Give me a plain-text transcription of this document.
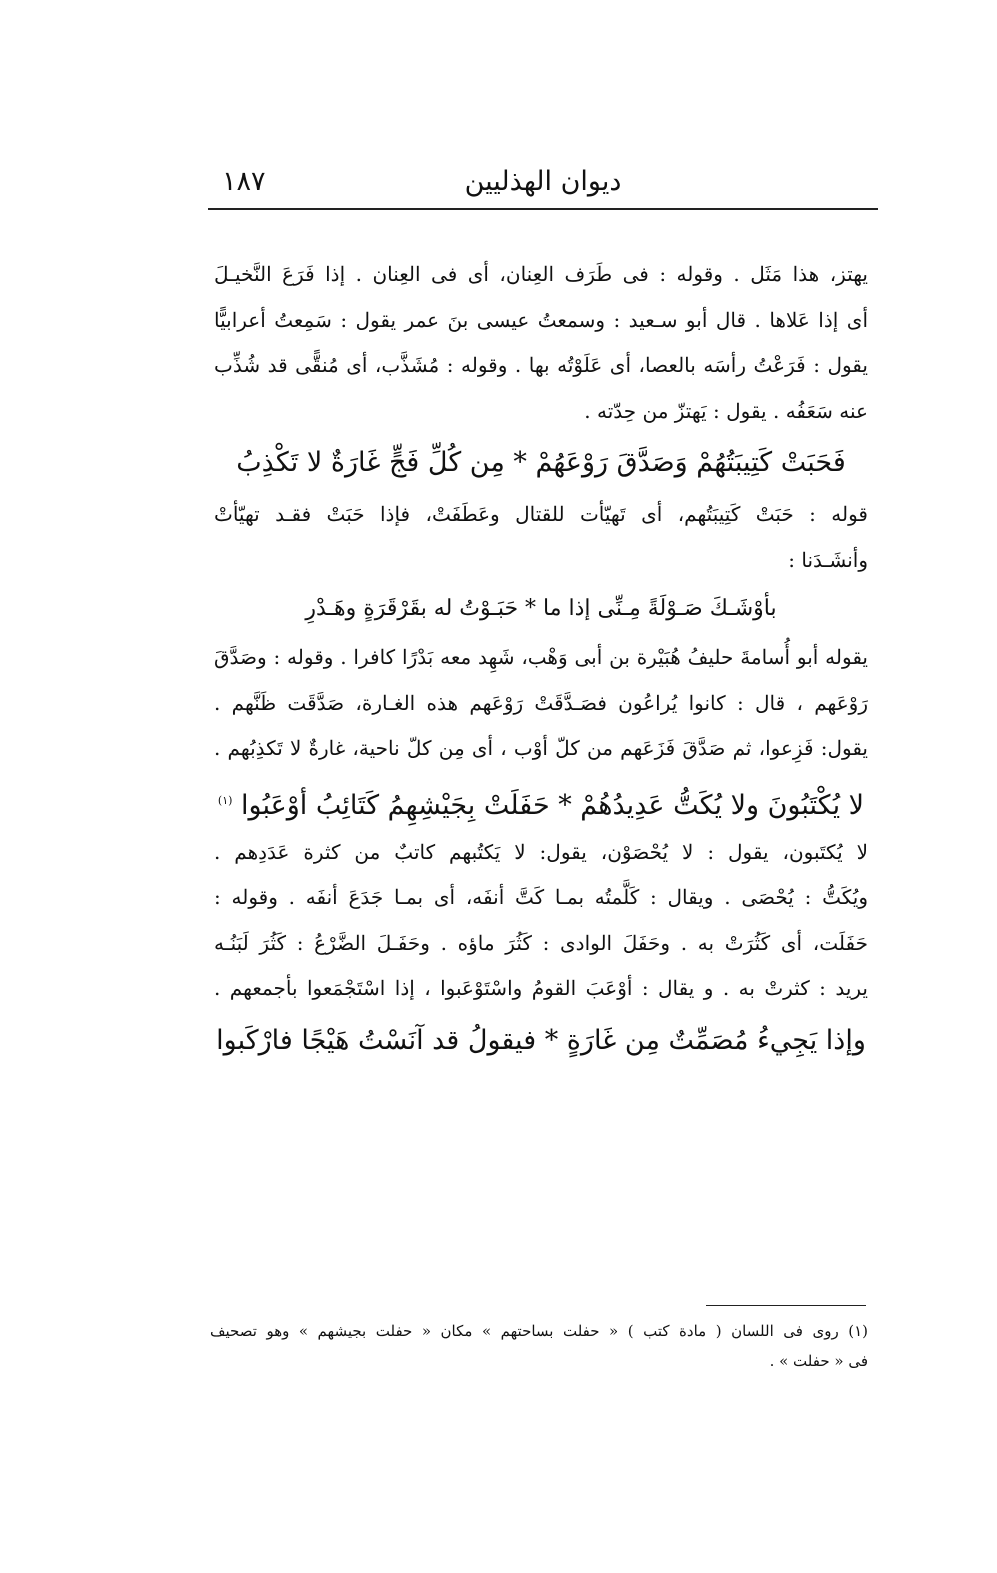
١٨٧	ديوان الهذليين
يهتز، هذا مَثَل . وقوله : فى طَرَف العِنان، أى فى العِنان . إذا فَرَعَ النَّخيـلَ
أى إذا عَلاها . قال أبو سـعيد : وسمعتُ عيسى بنَ عمر يقول : سَمِعتُ أعرابيًّا
يقول : فَرَعْتُ رأسَه بالعصا، أى عَلَوْتُه بها . وقوله : مُشَذَّب، أى مُنقًّى قد شُذِّب
عنه سَعَفُه . يقول : يَهتزّ من حِدّته .
فَحَبَتْ كَتِيبَتُهُمْ وَصَدَّقَ رَوْعَهُمْ * مِن كُلِّ فَجٍّ غَارَةٌ لا تَكْذِبُ
قوله : حَبَتْ كَتِيبَتُهم، أى تَهيّأت للقتال وعَطَفَتْ، فإذا حَبَتْ فقـد تهيّأتْ
وأنشَـدَنا :
بأوْشَـكَ صَـوْلَةً مِـنِّى إذا ما * حَبَـوْتُ له بقَرْقَرَةٍ وهَـدْرِ
يقوله أبو أُسامةَ حليفُ هُبَيْرة بن أبى وَهْب، شَهِد معه بَدْرًا كافرا . وقوله : وصَدَّقَ
رَوْعَهم ، قال : كانوا يُراعُون فصَـدَّقَتْ رَوْعَهم هذه الغـارة، صَدَّقَت ظَنَّهم .
يقول: فَزِعوا، ثم صَدَّقَ فَزَعَهم من كلّ أوْب ، أى مِن كلّ ناحية، غارةٌ لا تَكذِبُهم .
لا يُكْتَبُونَ ولا يُكَتُّ عَدِيدُهُمْ * حَفَلَتْ بِجَيْشِهِمُ كَتَائِبُ أوْعَبُوا $^{(١)}$
لا يُكتَبون، يقول : لا يُحْصَوْن، يقول: لا يَكتُبهم كاتبٌ من كثرة عَدَدِهم .
ويُكَتُّ : يُحْصَى . ويقال : كَلَّمتُه بمـا كَتَّ أنفَه، أى بمـا جَدَعَ أنفَه . وقوله :
حَفَلَت، أى كَثُرَتْ به . وحَفَلَ الوادى : كَثُرَ ماؤه . وحَفَـلَ الضَّرْعُ : كَثُرَ لَبَنُـه
يريد : كثرتْ به . و يقال : أوْعَبَ القومُ واسْتَوْعَبوا ، إذا اسْتَجْمَعوا بأجمعهم .
وإذا يَجِيءُ مُصَمِّتٌ مِن غَارَةٍ * فيقولُ قد آنَسْتُ هَيْجًا فارْكَبوا
(١) روى فى اللسان ( مادة كتب ) « حفلت بساحتهم » مكان « حفلت بجيشهم » وهو تصحيف
فى « حفلت » .
